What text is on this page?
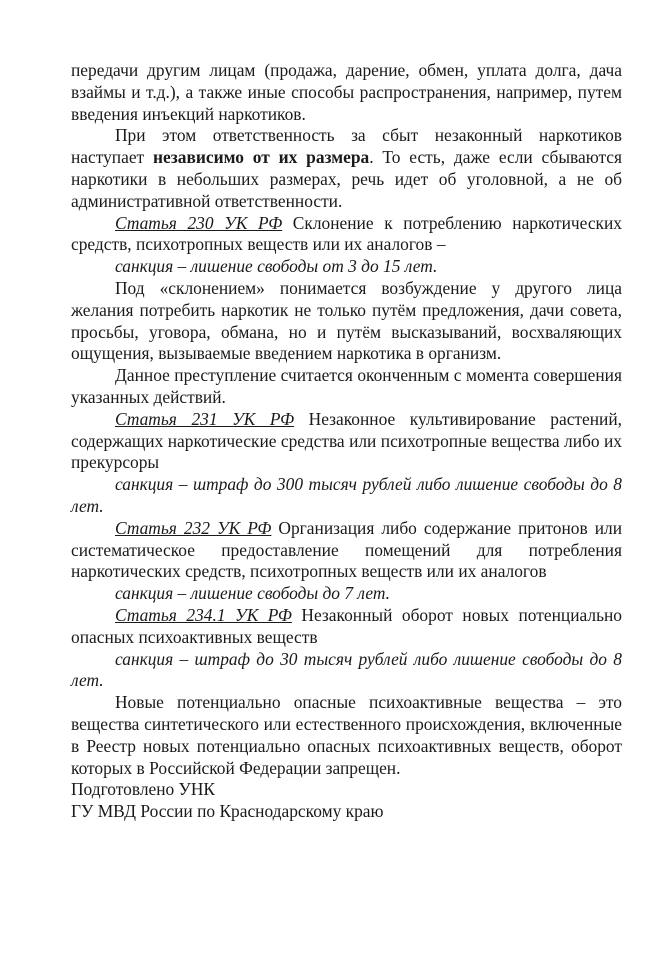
передачи другим лицам (продажа, дарение, обмен, уплата долга, дача взаймы и т.д.), а также иные способы распространения, например, путем введения инъекций наркотиков.

При этом ответственность за сбыт незаконный наркотиков наступает независимо от их размера. То есть, даже если сбываются наркотики в небольших размерах, речь идет об уголовной, а не об административной ответственности.

Статья 230 УК РФ Склонение к потреблению наркотических средств, психотропных веществ или их аналогов –

санкция – лишение свободы от 3 до 15 лет.

Под «склонением» понимается возбуждение у другого лица желания потребить наркотик не только путём предложения, дачи совета, просьбы, уговора, обмана, но и путём высказываний, восхваляющих ощущения, вызываемые введением наркотика в организм.

Данное преступление считается оконченным с момента совершения указанных действий.

Статья 231 УК РФ Незаконное культивирование растений, содержащих наркотические средства или психотропные вещества либо их прекурсоры

санкция – штраф до 300 тысяч рублей либо лишение свободы до 8 лет.

Статья 232 УК РФ Организация либо содержание притонов или систематическое предоставление помещений для потребления наркотических средств, психотропных веществ или их аналогов

санкция – лишение свободы до 7 лет.

Статья 234.1 УК РФ Незаконный оборот новых потенциально опасных психоактивных веществ

санкция – штраф до 30 тысяч рублей либо лишение свободы до 8 лет.

Новые потенциально опасные психоактивные вещества – это вещества синтетического или естественного происхождения, включенные в Реестр новых потенциально опасных психоактивных веществ, оборот которых в Российской Федерации запрещен.

Подготовлено УНК

ГУ МВД России по Краснодарскому краю
